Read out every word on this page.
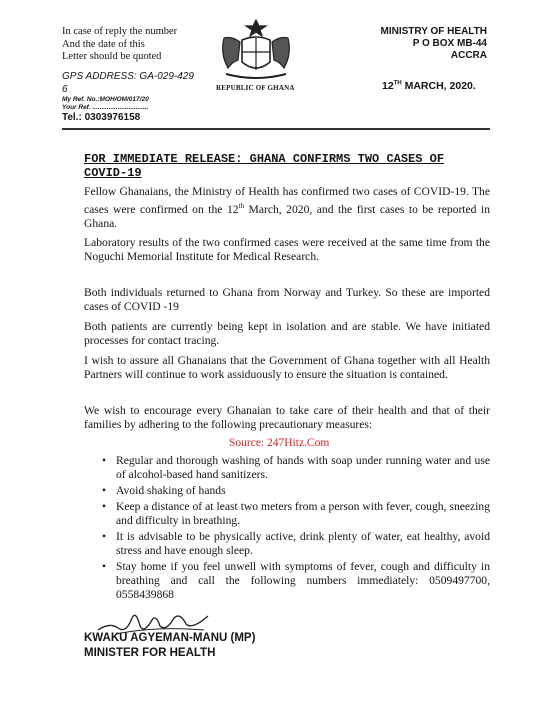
In case of reply the number
And the date of this
Letter should be quoted
GPS ADDRESS: GA-029-429
6
My Ref. No.:MOH/OM/017/20
Your Ref. ...............................
Tel.: 0303976158
REPUBLIC OF GHANA
MINISTRY OF HEALTH
P O BOX MB-44
ACCRA
12TH MARCH, 2020.
FOR IMMEDIATE RELEASE: GHANA CONFIRMS TWO CASES OF
COVID-19
Fellow Ghanaians, the Ministry of Health has confirmed two cases of COVID-19. The cases were confirmed on the 12th March, 2020, and the first cases to be reported in Ghana.
Laboratory results of the two confirmed cases were received at the same time from the Noguchi Memorial Institute for Medical Research.
Both individuals returned to Ghana from Norway and Turkey. So these are imported cases of COVID -19
Both patients are currently being kept in isolation and are stable. We have initiated processes for contact tracing.
I wish to assure all Ghanaians that the Government of Ghana together with all Health Partners will continue to work assiduously to ensure the situation is contained.
We wish to encourage every Ghanaian to take care of their health and that of their families by adhering to the following precautionary measures:
Source: 247Hitz.Com
• Regular and thorough washing of hands with soap under running water and use of alcohol-based hand sanitizers.
• Avoid shaking of hands
• Keep a distance of at least two meters from a person with fever, cough, sneezing and difficulty in breathing.
• It is advisable to be physically active, drink plenty of water, eat healthy, avoid stress and have enough sleep.
• Stay home if you feel unwell with symptoms of fever, cough and difficulty in breathing and call the following numbers immediately: 0509497700, 0558439868
KWAKU AGYEMAN-MANU (MP)
MINISTER FOR HEALTH
